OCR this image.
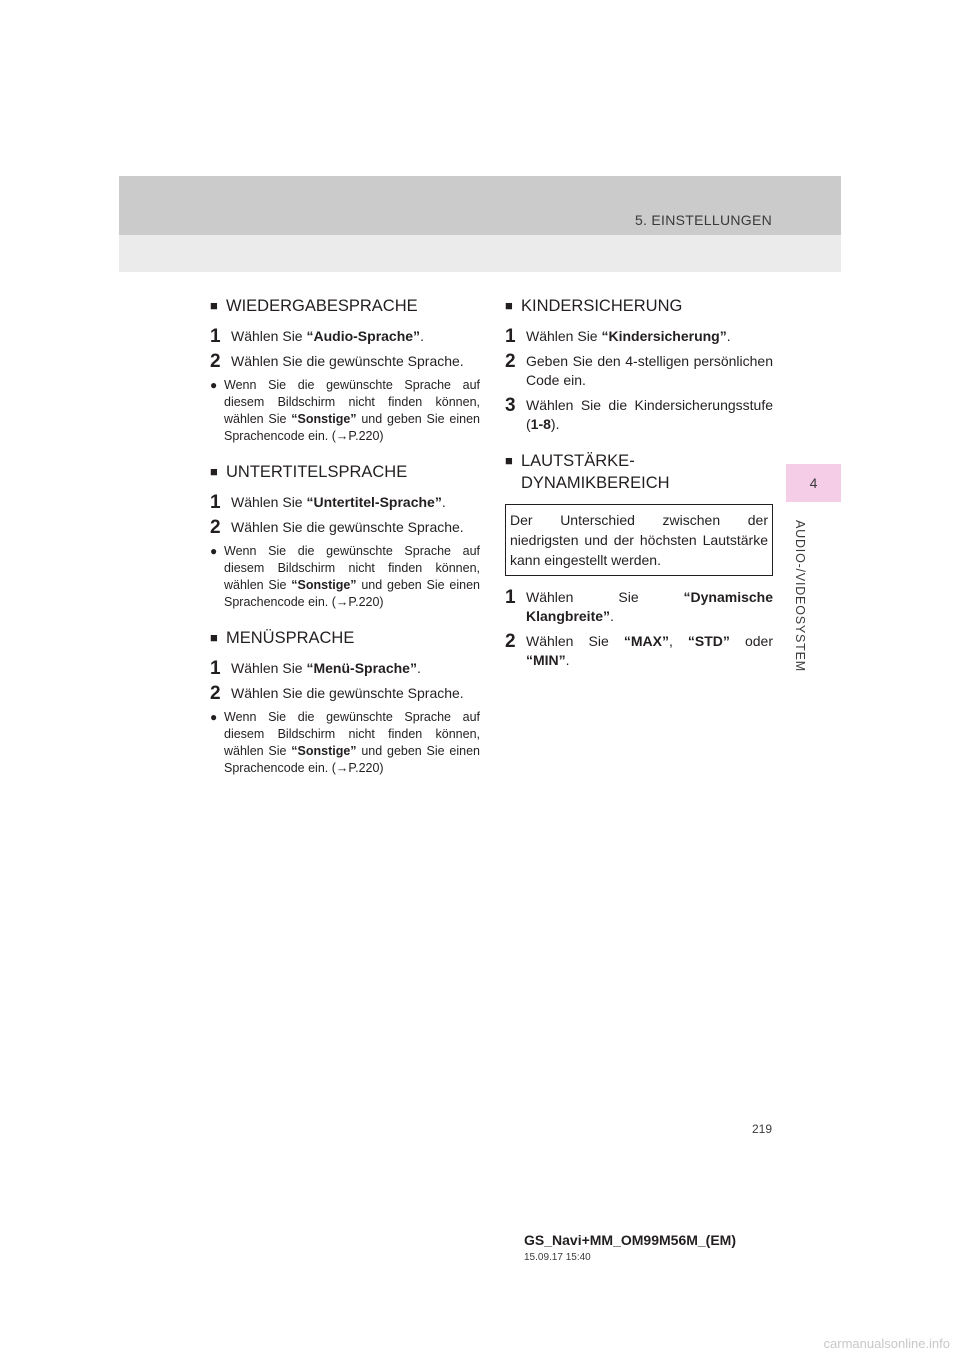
5. EINSTELLUNGEN
4
AUDIO-/VIDEOSYSTEM
■ WIEDERGABESPRACHE
1 Wählen Sie “Audio-Sprache”.
2 Wählen Sie die gewünschte Sprache.
● Wenn Sie die gewünschte Sprache auf diesem Bildschirm nicht finden können, wählen Sie “Sonstige” und geben Sie einen Sprachencode ein. (→P.220)
■ UNTERTITELSPRACHE
1 Wählen Sie “Untertitel-Sprache”.
2 Wählen Sie die gewünschte Sprache.
● Wenn Sie die gewünschte Sprache auf diesem Bildschirm nicht finden können, wählen Sie “Sonstige” und geben Sie einen Sprachencode ein. (→P.220)
■ MENÜSPRACHE
1 Wählen Sie “Menü-Sprache”.
2 Wählen Sie die gewünschte Sprache.
● Wenn Sie die gewünschte Sprache auf diesem Bildschirm nicht finden können, wählen Sie “Sonstige” und geben Sie einen Sprachencode ein. (→P.220)
■ KINDERSICHERUNG
1 Wählen Sie “Kindersicherung”.
2 Geben Sie den 4-stelligen persönlichen Code ein.
3 Wählen Sie die Kindersicherungsstufe (1-8).
■ LAUTSTÄRKE-
DYNAMIKBEREICH
Der Unterschied zwischen der niedrigsten und der höchsten Lautstärke kann eingestellt werden.
1 Wählen Sie “Dynamische Klangbreite”.
2 Wählen Sie “MAX”, “STD” oder “MIN”.
219
GS_Navi+MM_OM99M56M_(EM)
15.09.17 15:40
carmanualsonline.info
